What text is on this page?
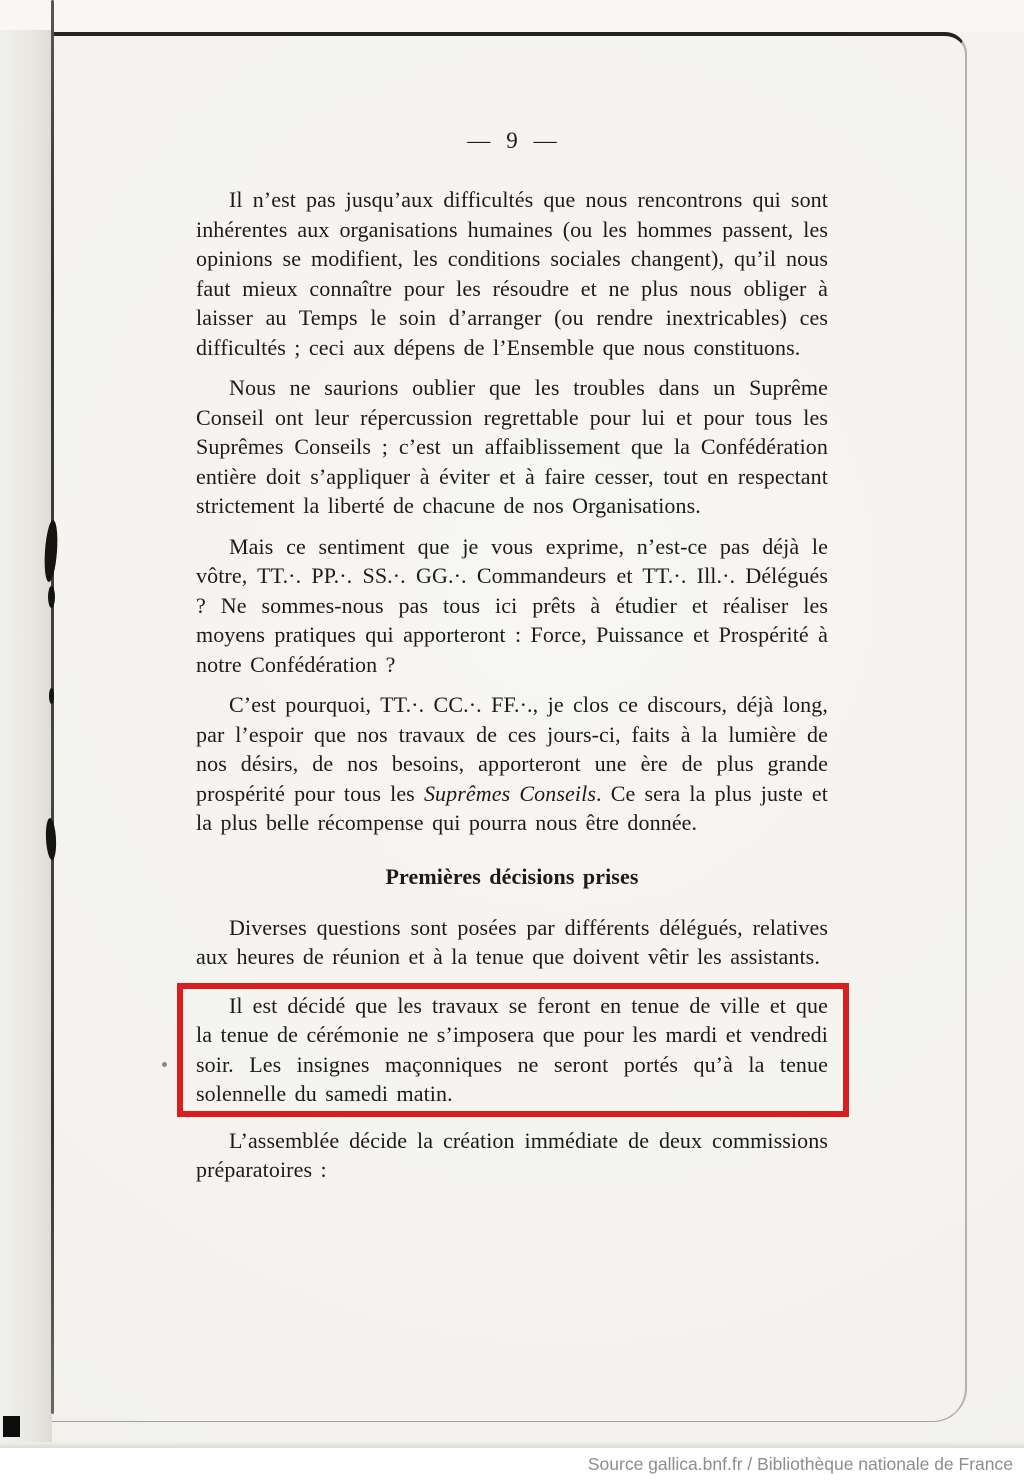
— 9 —
Il n’est pas jusqu’aux difficultés que nous rencontrons qui sont inhérentes aux organisations humaines (ou les hommes passent, les opinions se modifient, les conditions sociales changent), qu’il nous faut mieux connaître pour les résoudre et ne plus nous obliger à laisser au Temps le soin d’arranger (ou rendre inextricables) ces difficultés ; ceci aux dépens de l’Ensemble que nous constituons.
Nous ne saurions oublier que les troubles dans un Suprême Conseil ont leur répercussion regrettable pour lui et pour tous les Suprêmes Conseils ; c’est un affaiblissement que la Confédération entière doit s’appliquer à éviter et à faire cesser, tout en respectant strictement la liberté de chacune de nos Organisations.
Mais ce sentiment que je vous exprime, n’est-ce pas déjà le vôtre, TT.·. PP.·. SS.·. GG.·. Commandeurs et TT.·. Ill.·. Délégués ? Ne sommes-nous pas tous ici prêts à étudier et réaliser les moyens pratiques qui apporteront : Force, Puissance et Prospérité à notre Confédération ?
C’est pourquoi, TT.·. CC.·. FF.·., je clos ce discours, déjà long, par l’espoir que nos travaux de ces jours-ci, faits à la lumière de nos désirs, de nos besoins, apporteront une ère de plus grande prospérité pour tous les Suprêmes Conseils. Ce sera la plus juste et la plus belle récompense qui pourra nous être donnée.
Premières décisions prises
Diverses questions sont posées par différents délégués, relatives aux heures de réunion et à la tenue que doivent vêtir les assistants.
Il est décidé que les travaux se feront en tenue de ville et que la tenue de cérémonie ne s’imposera que pour les mardi et vendredi soir. Les insignes maçonniques ne seront portés qu’à la tenue solennelle du samedi matin.
L’assemblée décide la création immédiate de deux commissions préparatoires :
Source gallica.bnf.fr / Bibliothèque nationale de France
